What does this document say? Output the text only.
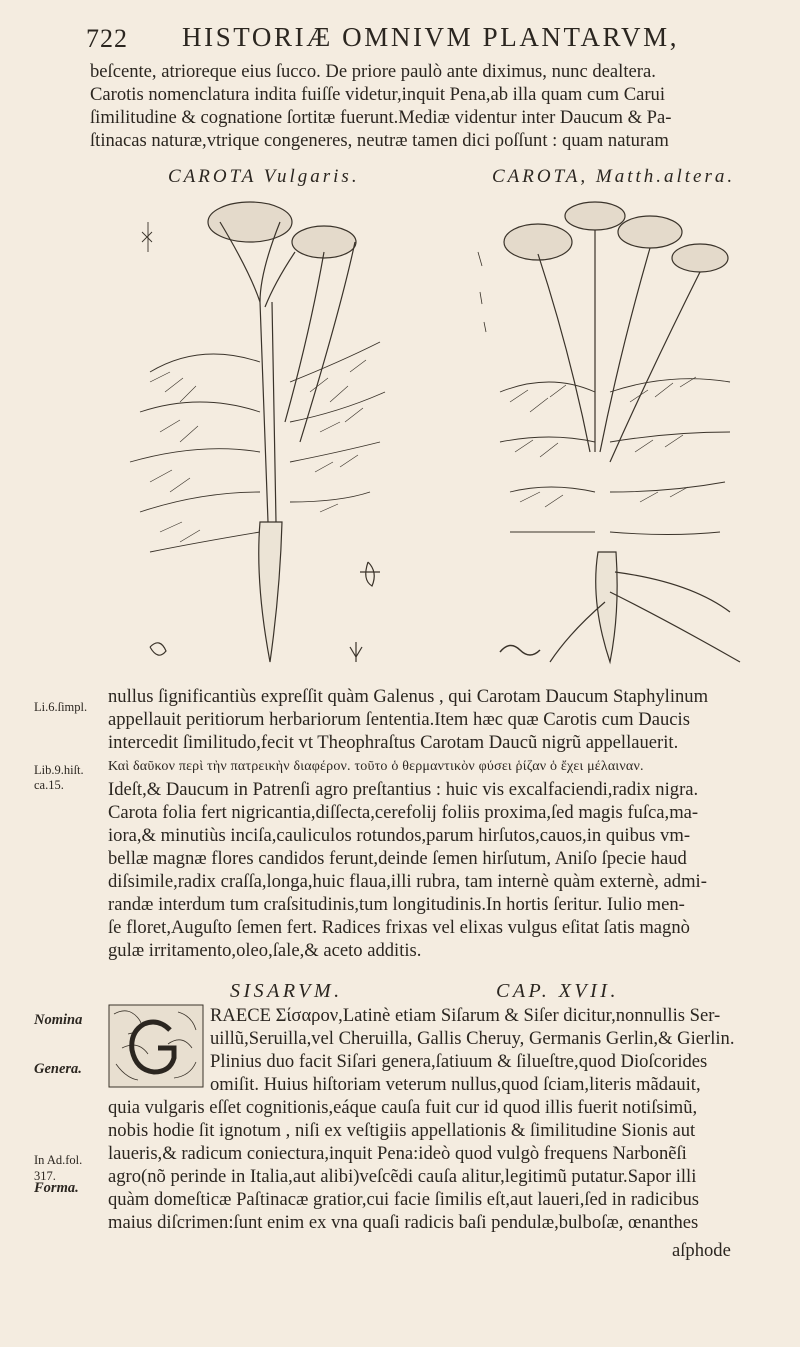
722 HISTORIÆ OMNIVM PLANTARVM,
beſcente, atrioreque eius ſucco. De priore paulò ante diximus, nunc dealtera.
Carotis nomenclatura indita fuiſſe videtur,inquit Pena,ab illa quam cum Carui
ſimilitudine & cognatione ſortitæ fuerunt.Mediæ videntur inter Daucum & Pa-
ſtinacas naturæ,vtrique congeneres, neutræ tamen dici poſſunt : quam naturam
CAROTA Vulgaris.	CAROTA, Matth.altera.
Li.6.ſimpl.
Lib.9.hiſt.
ca.15.
Nomina
Genera.
In Ad.fol.
317.
Forma.
nullus ſignificantiùs expreſſit quàm Galenus , qui Carotam Daucum Staphylinum
appellauit peritiorum herbariorum ſententia.Item hæc quæ Carotis cum Daucis
intercedit ſimilitudo,fecit vt Theophraſtus Carotam Daucũ nigrũ appellauerit.
Καὶ δαῦκον περὶ τὴν πατρεικὴν διαφέρον. τοῦτο ὁ θερμαντικὸν φύσει ῥίζαν ὁ ἔχει μέλαιναν.
Ideſt,& Daucum in Patrenſi agro preſtantius : huic vis excalfaciendi,radix nigra.
Carota folia fert nigricantia,diſſecta,cerefolij foliis proxima,ſed magis fuſca,ma-
iora,& minutiùs inciſa,cauliculos rotundos,parum hirſutos,cauos,in quibus vm-
bellæ magnæ flores candidos ferunt,deinde ſemen hirſutum, Aniſo ſpecie haud
diſsimile,radix craſſa,longa,huic flaua,illi rubra, tam internè quàm externè, admi-
randæ interdum tum craſsitudinis,tum longitudinis.In hortis ſeritur. Iulio men-
ſe floret,Auguſto ſemen fert. Radices frixas vel elixas vulgus eſitat ſatis magnò
gulæ irritamento,oleo,ſale,& aceto additis.
SISARVM.	CAP. XVII.
RAECE Σίσαρον,Latinè etiam Siſarum & Siſer dicitur,nonnullis Ser-
uillũ,Seruilla,vel Cheruilla, Gallis Cheruy, Germanis Gerlin,& Gierlin.
Plinius duo facit Siſari genera,ſatiuum & ſilueſtre,quod Dioſcorides
omiſit. Huius hiſtoriam veterum nullus,quod ſciam,literis mãdauit,
quia vulgaris eſſet cognitionis,eáque cauſa fuit cur id quod illis fuerit notiſsimũ,
nobis hodie ſit ignotum , niſi ex veſtigiis appellationis & ſimilitudine Sionis aut
laueris,& radicum coniectura,inquit Pena:ideò quod vulgò frequens Narbonẽſi
agro(nõ perinde in Italia,aut alibi)veſcẽdi cauſa alitur,legitimũ putatur.Sapor illi
quàm domeſticæ Paſtinacæ gratior,cui facie ſimilis eſt,aut laueri,ſed in radicibus
maius diſcrimen:ſunt enim ex vna quaſi radicis baſi pendulæ,bulboſæ, œnanthes
aſphode
